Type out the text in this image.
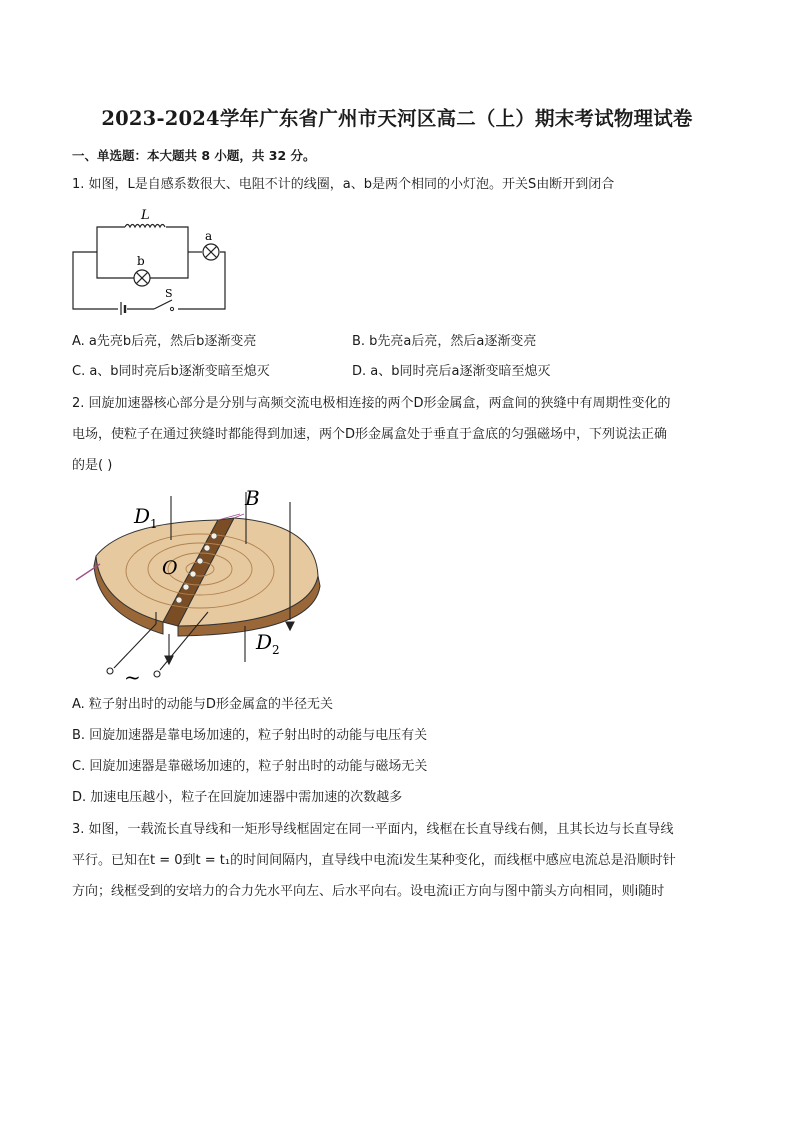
2023-2024学年广东省广州市天河区高二（上）期末考试物理试卷
一、单选题：本大题共 8 小题，共 32 分。
1. 如图，L是自感系数很大、电阻不计的线圈，a、b是两个相同的小灯泡。开关S由断开到闭合
L
a
b
S
A. a先亮b后亮，然后b逐渐变亮	B. b先亮a后亮，然后a逐渐变亮
C. a、b同时亮后b逐渐变暗至熄灭	D. a、b同时亮后a逐渐变暗至熄灭
2. 回旋加速器核心部分是分别与高频交流电极相连接的两个D形金属盒，两盒间的狭缝中有周期性变化的
电场，使粒子在通过狭缝时都能得到加速，两个D形金属盒处于垂直于盒底的匀强磁场中，下列说法正确
的是( )
~
B
$D_1$
O
$D_2$
A. 粒子射出时的动能与D形金属盒的半径无关
B. 回旋加速器是靠电场加速的，粒子射出时的动能与电压有关
C. 回旋加速器是靠磁场加速的，粒子射出时的动能与磁场无关
D. 加速电压越小，粒子在回旋加速器中需加速的次数越多
3. 如图，一载流长直导线和一矩形导线框固定在同一平面内，线框在长直导线右侧，且其长边与长直导线
平行。已知在t = 0到t = t₁的时间间隔内，直导线中电流i发生某种变化，而线框中感应电流总是沿顺时针
方向；线框受到的安培力的合力先水平向左、后水平向右。设电流i正方向与图中箭头方向相同，则i随时
